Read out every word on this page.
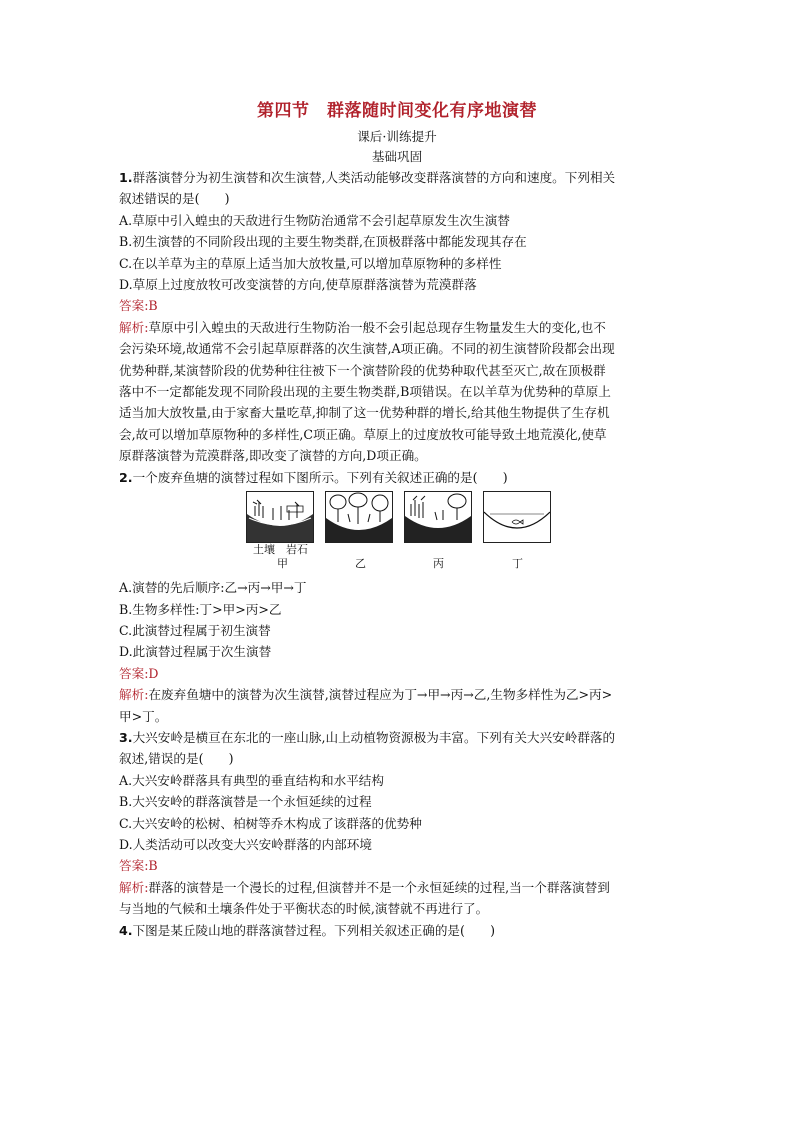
第四节　群落随时间变化有序地演替
课后·训练提升
基础巩固
1.群落演替分为初生演替和次生演替,人类活动能够改变群落演替的方向和速度。下列相关
叙述错误的是(　　)
A.草原中引入蝗虫的天敌进行生物防治通常不会引起草原发生次生演替
B.初生演替的不同阶段出现的主要生物类群,在顶极群落中都能发现其存在
C.在以羊草为主的草原上适当加大放牧量,可以增加草原物种的多样性
D.草原上过度放牧可改变演替的方向,使草原群落演替为荒漠群落
答案:B
解析:草原中引入蝗虫的天敌进行生物防治一般不会引起总现存生物量发生大的变化,也不
会污染环境,故通常不会引起草原群落的次生演替,A项正确。不同的初生演替阶段都会出现
优势种群,某演替阶段的优势种往往被下一个演替阶段的优势种取代甚至灭亡,故在顶极群
落中不一定都能发现不同阶段出现的主要生物类群,B项错误。在以羊草为优势种的草原上
适当加大放牧量,由于家畜大量吃草,抑制了这一优势种群的增长,给其他生物提供了生存机
会,故可以增加草原物种的多样性,C项正确。草原上的过度放牧可能导致土地荒漠化,使草
原群落演替为荒漠群落,即改变了演替的方向,D项正确。
2.一个废弃鱼塘的演替过程如下图所示。下列有关叙述正确的是(　　)
土壤 岩石
甲	乙	丙	丁
A.演替的先后顺序:乙→丙→甲→丁
B.生物多样性:丁>甲>丙>乙
C.此演替过程属于初生演替
D.此演替过程属于次生演替
答案:D
解析:在废弃鱼塘中的演替为次生演替,演替过程应为丁→甲→丙→乙,生物多样性为乙>丙>
甲>丁。
3.大兴安岭是横亘在东北的一座山脉,山上动植物资源极为丰富。下列有关大兴安岭群落的
叙述,错误的是(　　)
A.大兴安岭群落具有典型的垂直结构和水平结构
B.大兴安岭的群落演替是一个永恒延续的过程
C.大兴安岭的松树、柏树等乔木构成了该群落的优势种
D.人类活动可以改变大兴安岭群落的内部环境
答案:B
解析:群落的演替是一个漫长的过程,但演替并不是一个永恒延续的过程,当一个群落演替到
与当地的气候和土壤条件处于平衡状态的时候,演替就不再进行了。
4.下图是某丘陵山地的群落演替过程。下列相关叙述正确的是(　　)
